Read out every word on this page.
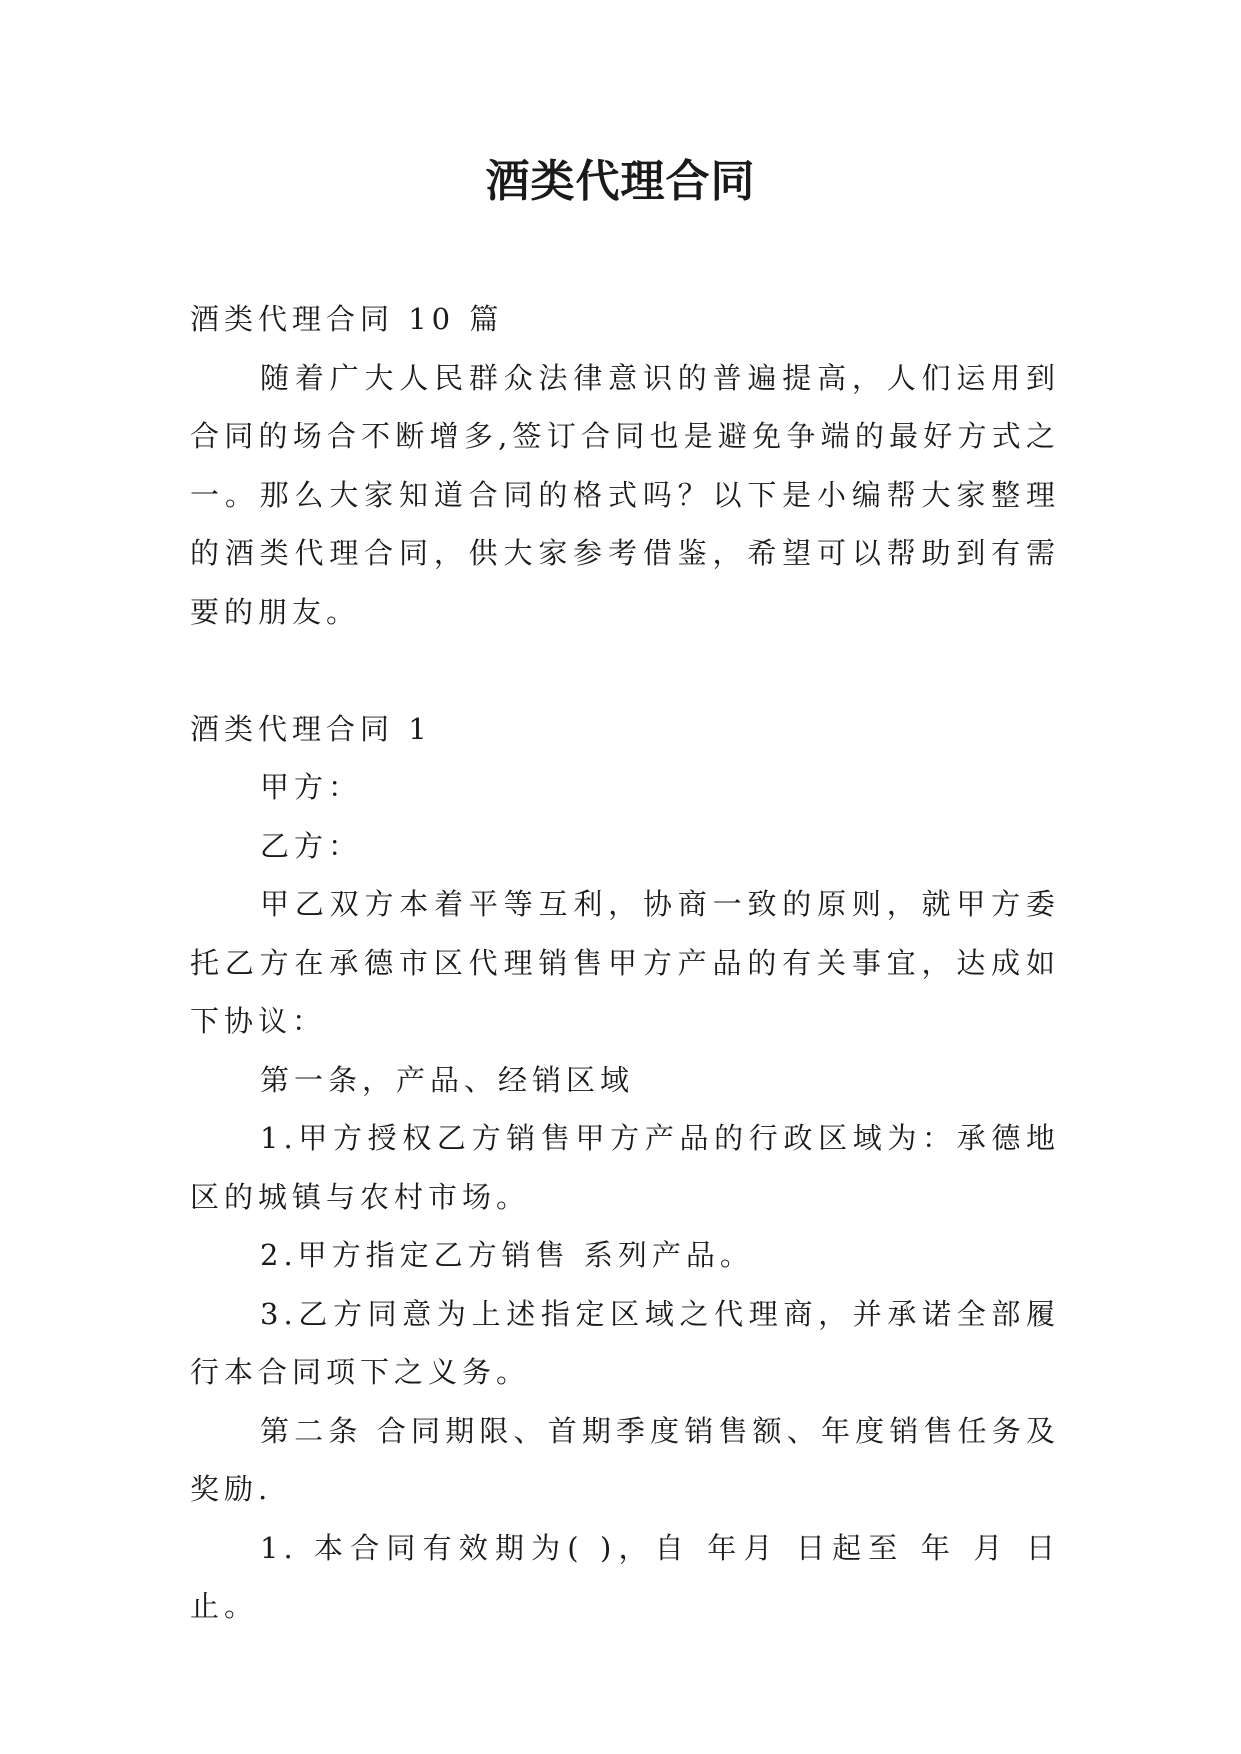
酒类代理合同

酒类代理合同 10 篇

随着广大人民群众法律意识的普遍提高，人们运用到合同的场合不断增多,签订合同也是避免争端的最好方式之一。那么大家知道合同的格式吗？以下是小编帮大家整理的酒类代理合同，供大家参考借鉴，希望可以帮助到有需要的朋友。

酒类代理合同 1

甲方：

乙方：

甲乙双方本着平等互利，协商一致的原则，就甲方委托乙方在承德市区代理销售甲方产品的有关事宜，达成如下协议：

第一条，产品、经销区域

1.甲方授权乙方销售甲方产品的行政区域为：承德地区的城镇与农村市场。

2.甲方指定乙方销售 系列产品。

3.乙方同意为上述指定区域之代理商，并承诺全部履行本合同项下之义务。

第二条 合同期限、首期季度销售额、年度销售任务及奖励.

1. 本合同有效期为( )，自 年月 日起至 年 月 日止。
